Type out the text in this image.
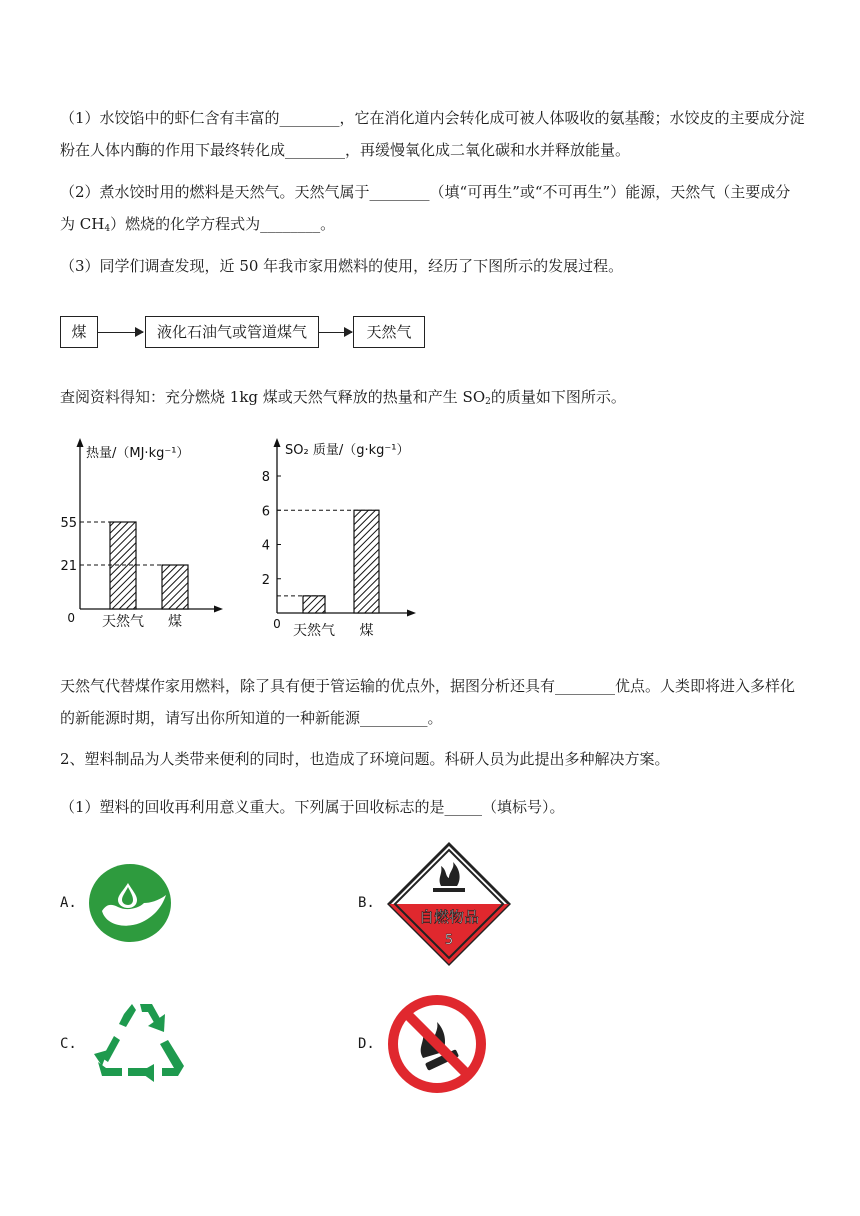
（1）水饺馅中的虾仁含有丰富的________，它在消化道内会转化成可被人体吸收的氨基酸；水饺皮的主要成分淀粉在人体内酶的作用下最终转化成________，再缓慢氧化成二氧化碳和水并释放能量。

（2）煮水饺时用的燃料是天然气。天然气属于________（填“可再生”或“不可再生”）能源，天然气（主要成分为 $CH_4$）燃烧的化学方程式为________。

（3）同学们调查发现，近 50 年我市家用燃料的使用，经历了下图所示的发展过程。

煤	液化石油气或管道煤气	天然气

查阅资料得知：充分燃烧 1kg 煤或天然气释放的热量和产生 $SO_2$的质量如下图所示。

热量/（MJ·kg⁻¹）
0 天然气 煤
55
21
SO₂ 质量/（g·kg⁻¹）
0
2
4
6
8
天然气 煤

天然气代替煤作家用燃料，除了具有便于管运输的优点外，据图分析还具有________优点。人类即将进入多样化的新能源时期，请写出你所知道的一种新能源_________。

2、塑料制品为人类带来便利的同时，也造成了环境问题。科研人员为此提出多种解决方案。

（1）塑料的回收再利用意义重大。下列属于回收标志的是_____（填标号）。

A.	B.
自燃物品
5
C.	D.
